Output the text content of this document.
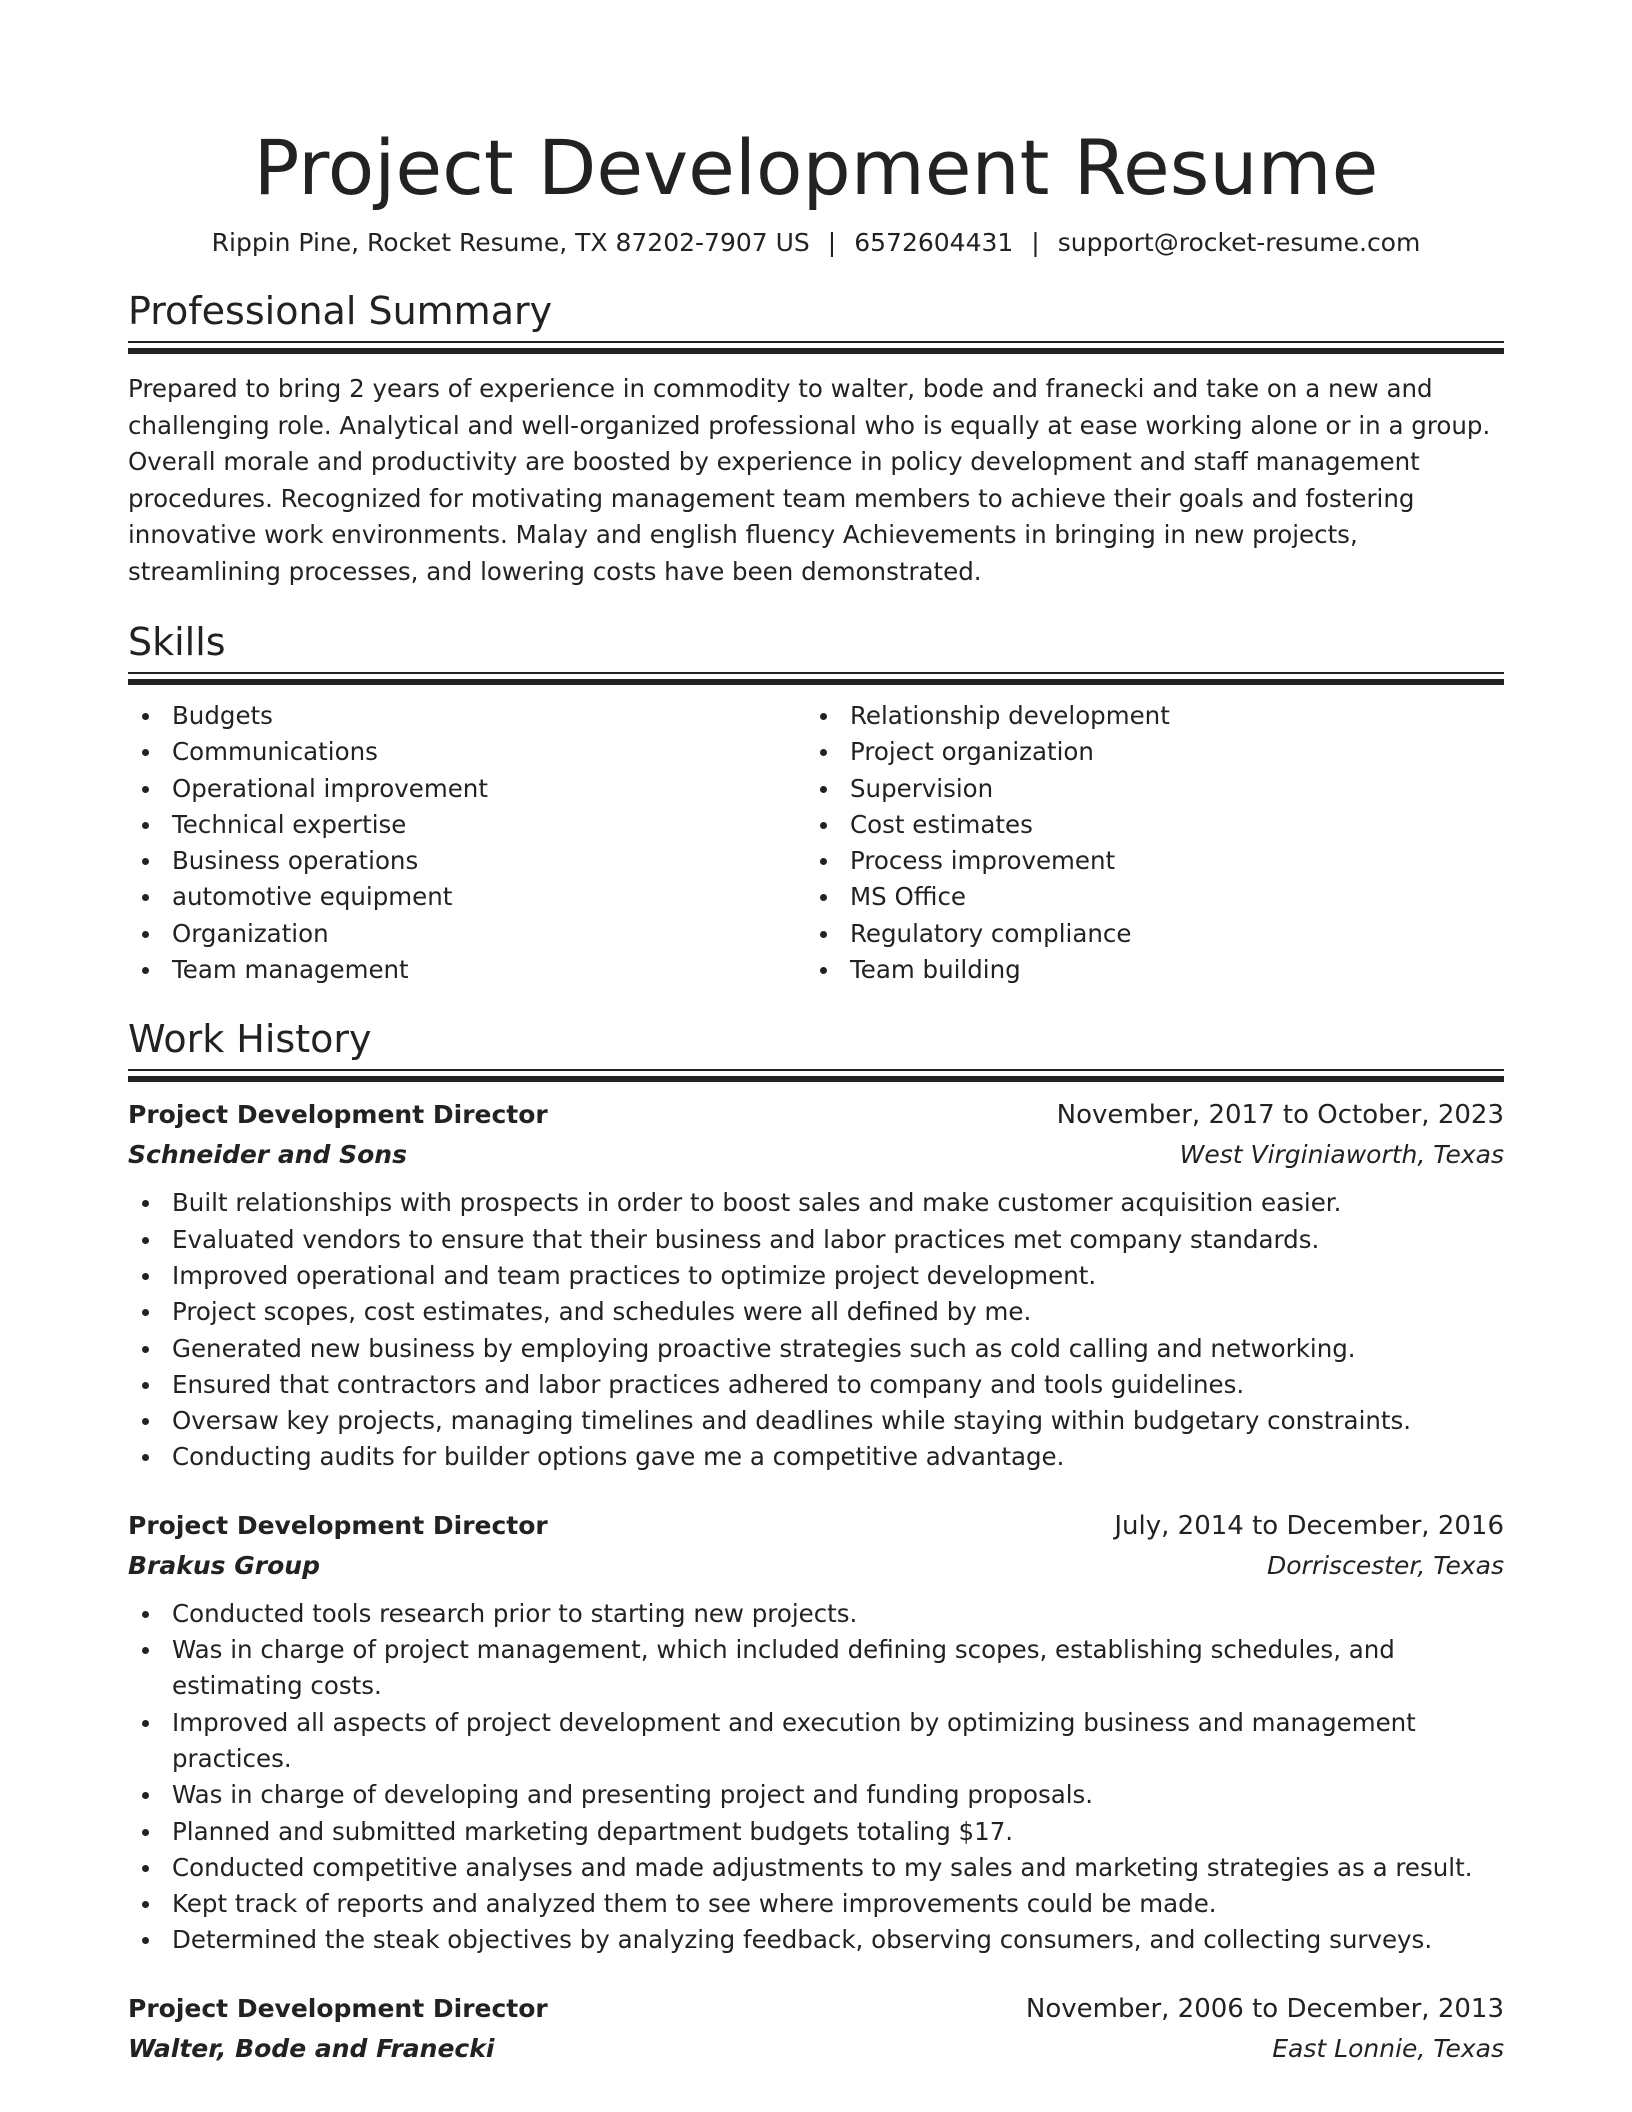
Project Development Resume
Rippin Pine, Rocket Resume, TX 87202-7907 US | 6572604431 | support@rocket-resume.com
Professional Summary

Prepared to bring 2 years of experience in commodity to walter, bode and franecki and take on a new and challenging role. Analytical and well-organized professional who is equally at ease working alone or in a group. Overall morale and productivity are boosted by experience in policy development and staff management procedures. Recognized for motivating management team members to achieve their goals and fostering innovative work environments. Malay and english fluency Achievements in bringing in new projects, streamlining processes, and lowering costs have been demonstrated.

Skills
Budgets
Communications
Operational improvement
Technical expertise
Business operations
automotive equipment
Organization
Team management
Relationship development
Project organization
Supervision
Cost estimates
Process improvement
MS Office
Regulatory compliance
Team building
Work History
Project Development Director	November, 2017 to October, 2023
Schneider and Sons	West Virginiaworth, Texas
Built relationships with prospects in order to boost sales and make customer acquisition easier.
Evaluated vendors to ensure that their business and labor practices met company standards.
Improved operational and team practices to optimize project development.
Project scopes, cost estimates, and schedules were all defined by me.
Generated new business by employing proactive strategies such as cold calling and networking.
Ensured that contractors and labor practices adhered to company and tools guidelines.
Oversaw key projects, managing timelines and deadlines while staying within budgetary constraints.
Conducting audits for builder options gave me a competitive advantage.
Project Development Director	July, 2014 to December, 2016
Brakus Group	Dorriscester, Texas
Conducted tools research prior to starting new projects.
Was in charge of project management, which included defining scopes, establishing schedules, and estimating costs.
Improved all aspects of project development and execution by optimizing business and management practices.
Was in charge of developing and presenting project and funding proposals.
Planned and submitted marketing department budgets totaling $17.
Conducted competitive analyses and made adjustments to my sales and marketing strategies as a result.
Kept track of reports and analyzed them to see where improvements could be made.
Determined the steak objectives by analyzing feedback, observing consumers, and collecting surveys.
Project Development Director	November, 2006 to December, 2013
Walter, Bode and Franecki	East Lonnie, Texas
